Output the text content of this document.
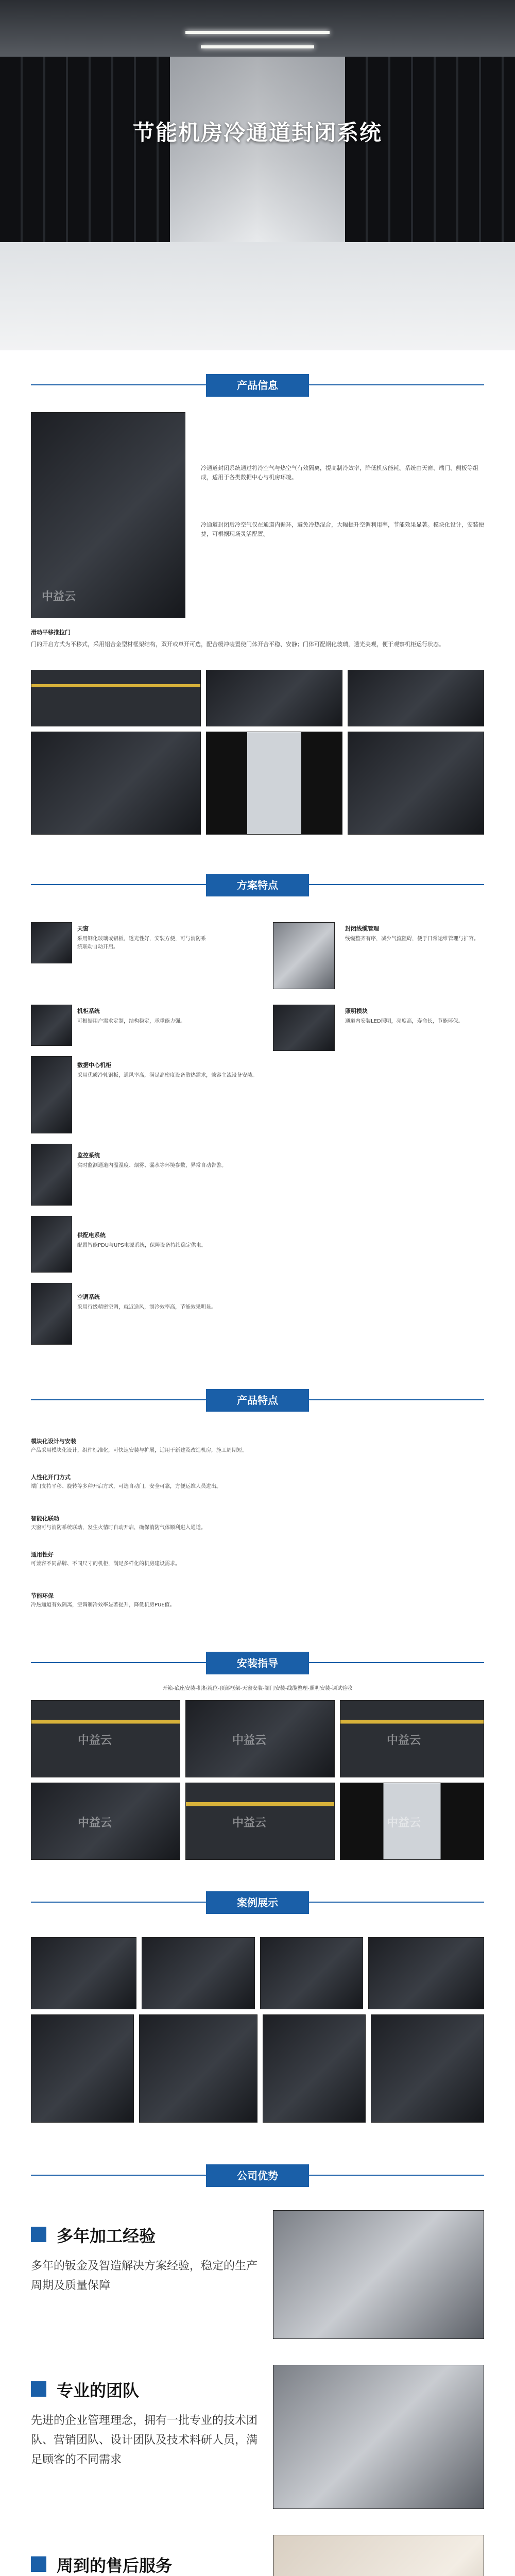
节能机房冷通道封闭系统
产品信息
中益云
冷通道封闭系统通过将冷空气与热空气有效隔离，提高制冷效率，降低机房能耗。系统由天窗、端门、侧板等组成，适用于各类数据中心与机房环境。
冷通道封闭后冷空气仅在通道内循环，避免冷热混合，大幅提升空调利用率，节能效果显著。模块化设计，安装便捷，可根据现场灵活配置。
滑动平移推拉门
门的开启方式为平移式，采用铝合金型材框架结构，双开或单开可选，配合缓冲装置使门体开合平稳、安静；门体可配钢化玻璃，透光美观，便于观察机柜运行状态。
方案特点
天窗
采用钢化玻璃或铝板，透光性好，安装方便，可与消防系统联动自动开启。
封闭线缆管理
线缆整齐有序，减少气流阻碍，便于日常运维管理与扩容。
机柜系统
可根据用户需求定制，结构稳定，承重能力强。
照明模块
通道内安装LED照明，亮度高，寿命长，节能环保。
数据中心机柜
采用优质冷轧钢板，通风率高，满足高密度设备散热需求，兼容主流设备安装。
监控系统
实时监测通道内温湿度、烟雾、漏水等环境参数，异常自动告警。
供配电系统
配置智能PDU与UPS电源系统，保障设备持续稳定供电。
空调系统
采用行级精密空调，就近送风，制冷效率高，节能效果明显。
产品特点
模块化设计与安装
产品采用模块化设计，组件标准化，可快速安装与扩展，适用于新建及改造机房，施工周期短。
人性化开门方式
端门支持平移、旋转等多种开启方式，可选自动门，安全可靠，方便运维人员进出。
智能化联动
天窗可与消防系统联动，发生火情时自动开启，确保消防气体顺利进入通道。
通用性好
可兼容不同品牌、不同尺寸的机柜，满足多样化的机房建设需求。
节能环保
冷热通道有效隔离，空调制冷效率显著提升，降低机房PUE值。
安装指导
开箱-底座安装-机柜就位-顶部框架-天窗安装-端门安装-线缆整理-照明安装-调试验收
中益云	中益云	中益云
中益云	中益云	中益云
案例展示
公司优势
多年加工经验
多年的钣金及智造解决方案经验，稳定的生产周期及质量保障
专业的团队
先进的企业管理理念，拥有一批专业的技术团队、营销团队、设计团队及技术料研人员，满足顾客的不同需求
周到的售后服务
